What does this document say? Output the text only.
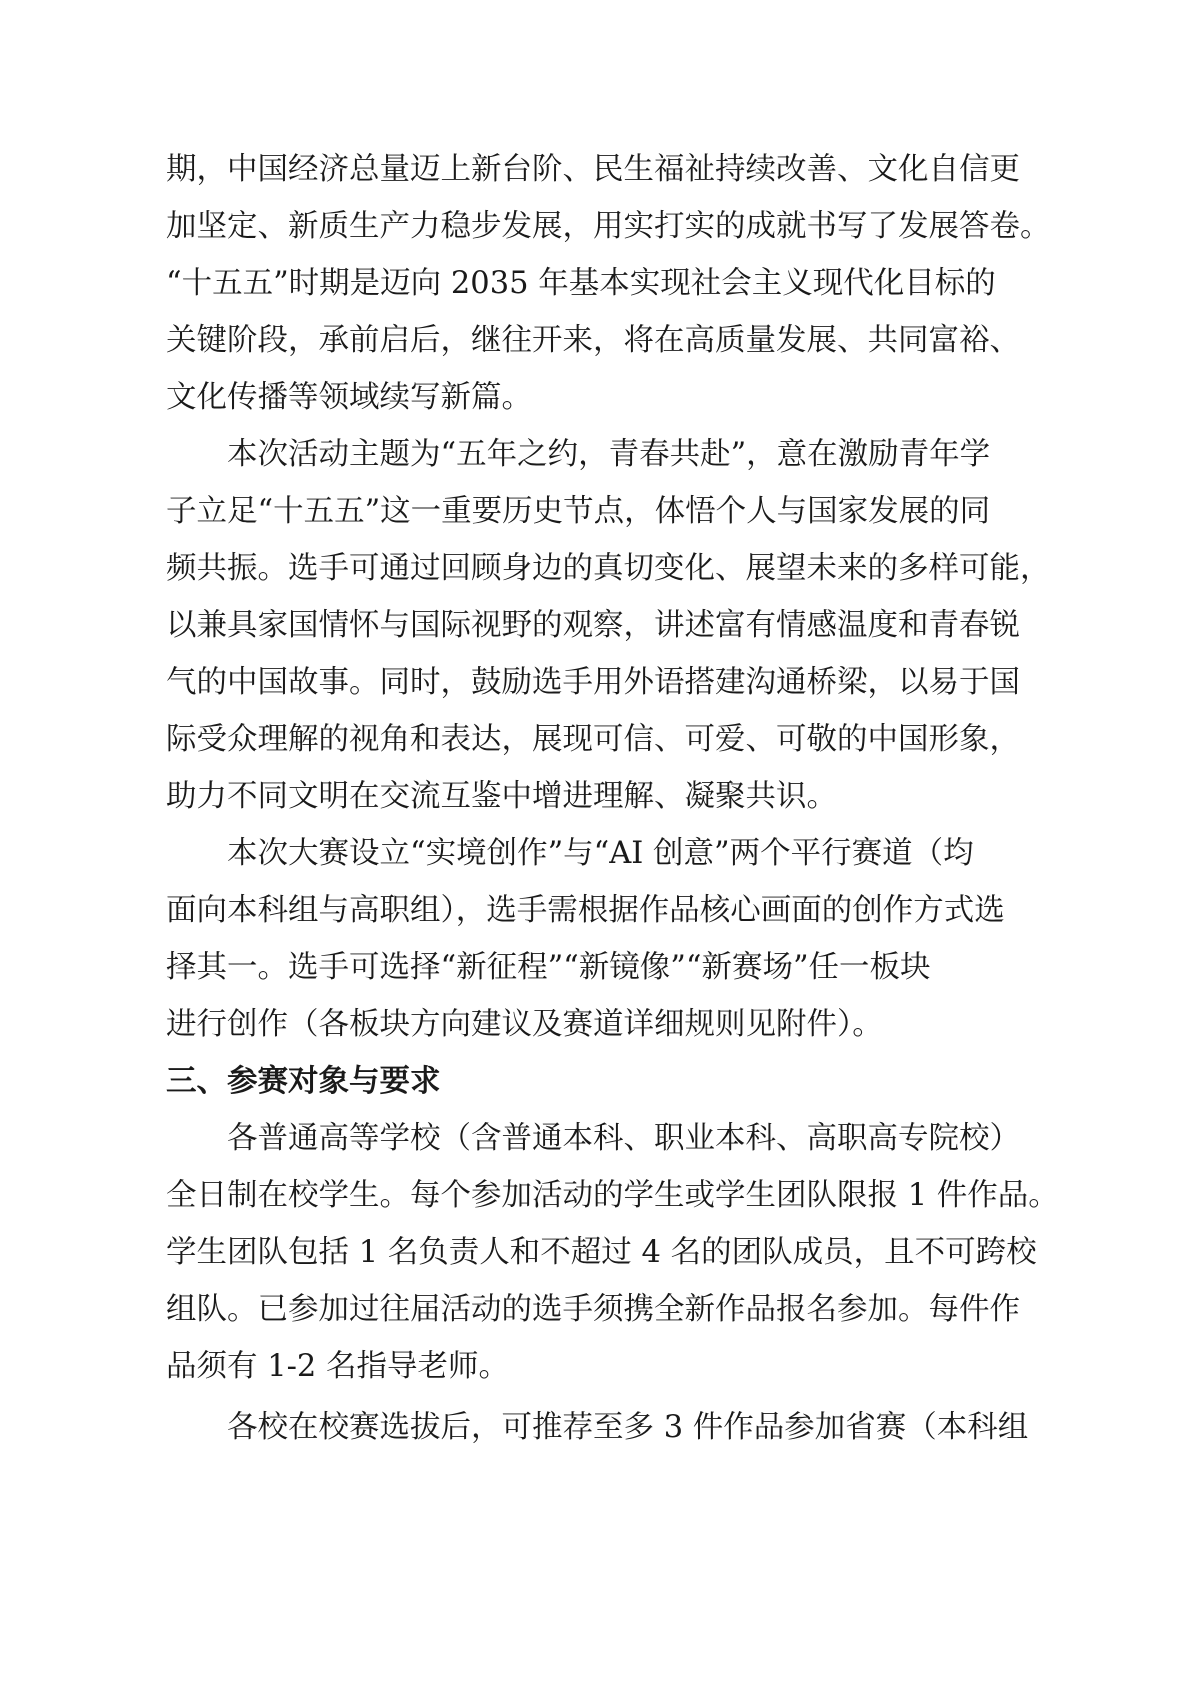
期，中国经济总量迈上新台阶、民生福祉持续改善、文化自信更
加坚定、新质生产力稳步发展，用实打实的成就书写了发展答卷。
“十五五”时期是迈向 2035 年基本实现社会主义现代化目标的
关键阶段，承前启后，继往开来，将在高质量发展、共同富裕、
文化传播等领域续写新篇。
本次活动主题为“五年之约，青春共赴”，意在激励青年学
子立足“十五五”这一重要历史节点，体悟个人与国家发展的同
频共振。选手可通过回顾身边的真切变化、展望未来的多样可能，
以兼具家国情怀与国际视野的观察，讲述富有情感温度和青春锐
气的中国故事。同时，鼓励选手用外语搭建沟通桥梁，以易于国
际受众理解的视角和表达，展现可信、可爱、可敬的中国形象，
助力不同文明在交流互鉴中增进理解、凝聚共识。
本次大赛设立“实境创作”与“AI 创意”两个平行赛道（均
面向本科组与高职组），选手需根据作品核心画面的创作方式选
择其一。选手可选择“新征程”“新镜像”“新赛场”任一板块
进行创作（各板块方向建议及赛道详细规则见附件）。
三、参赛对象与要求
各普通高等学校（含普通本科、职业本科、高职高专院校）
全日制在校学生。每个参加活动的学生或学生团队限报 1 件作品。
学生团队包括 1 名负责人和不超过 4 名的团队成员，且不可跨校
组队。已参加过往届活动的选手须携全新作品报名参加。每件作
品须有 1-2 名指导老师。
各校在校赛选拔后，可推荐至多 3 件作品参加省赛（本科组
